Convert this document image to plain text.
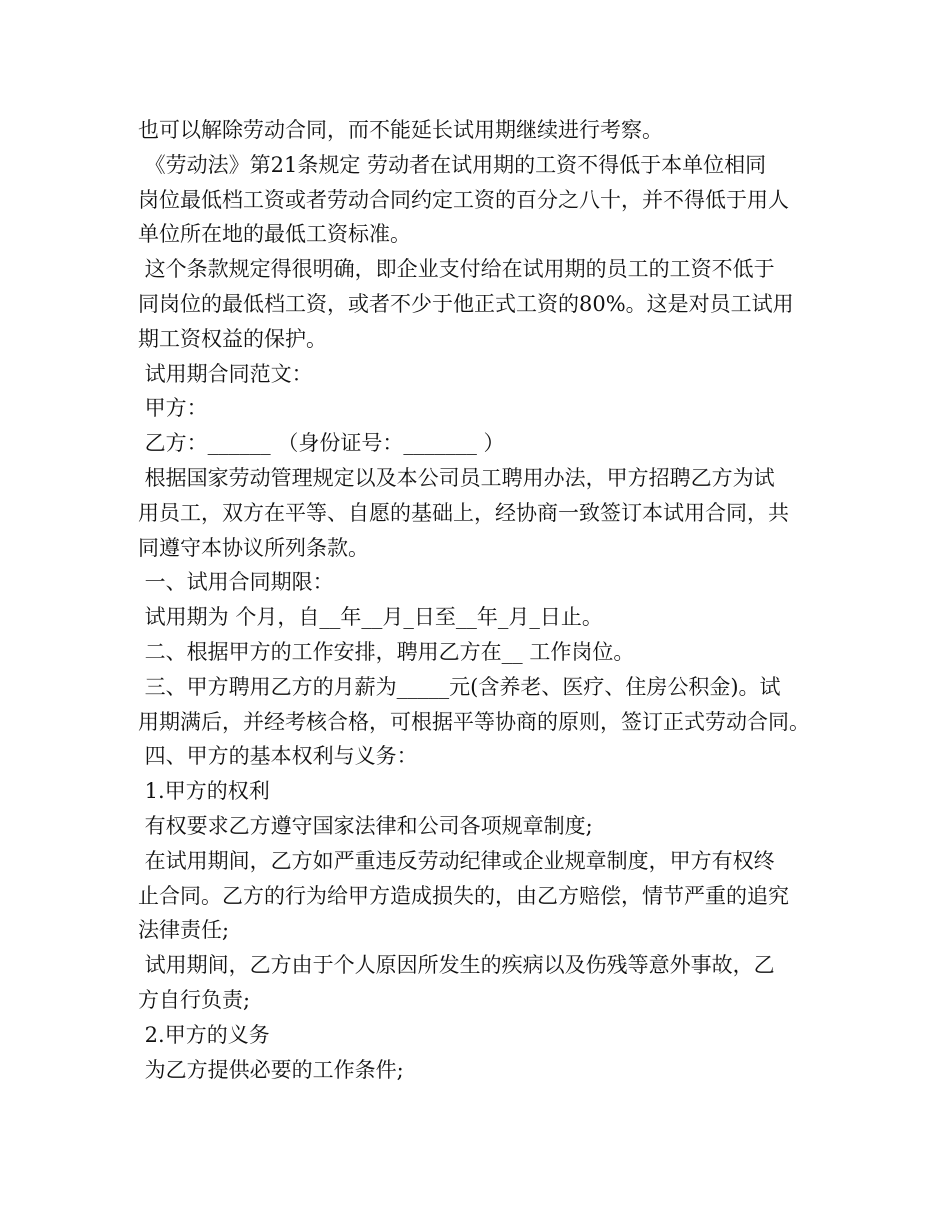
也可以解除劳动合同，而不能延长试用期继续进行考察。
《劳动法》第21条规定 劳动者在试用期的工资不得低于本单位相同
岗位最低档工资或者劳动合同约定工资的百分之八十，并不得低于用人
单位所在地的最低工资标准。
这个条款规定得很明确，即企业支付给在试用期的员工的工资不低于
同岗位的最低档工资，或者不少于他正式工资的80%。这是对员工试用
期工资权益的保护。
试用期合同范文：
甲方：
乙方：______ （身份证号：_______ ）
根据国家劳动管理规定以及本公司员工聘用办法，甲方招聘乙方为试
用员工，双方在平等、自愿的基础上，经协商一致签订本试用合同，共
同遵守本协议所列条款。
一、试用合同期限：
试用期为 个月，自__年__月_日至__年_月_日止。
二、根据甲方的工作安排，聘用乙方在__ 工作岗位。
三、甲方聘用乙方的月薪为_____元(含养老、医疗、住房公积金)。试
用期满后，并经考核合格，可根据平等协商的原则，签订正式劳动合同。
四、甲方的基本权利与义务：
1.甲方的权利
有权要求乙方遵守国家法律和公司各项规章制度;
在试用期间，乙方如严重违反劳动纪律或企业规章制度，甲方有权终
止合同。乙方的行为给甲方造成损失的，由乙方赔偿，情节严重的追究
法律责任;
试用期间，乙方由于个人原因所发生的疾病以及伤残等意外事故，乙
方自行负责;
2.甲方的义务
为乙方提供必要的工作条件;
